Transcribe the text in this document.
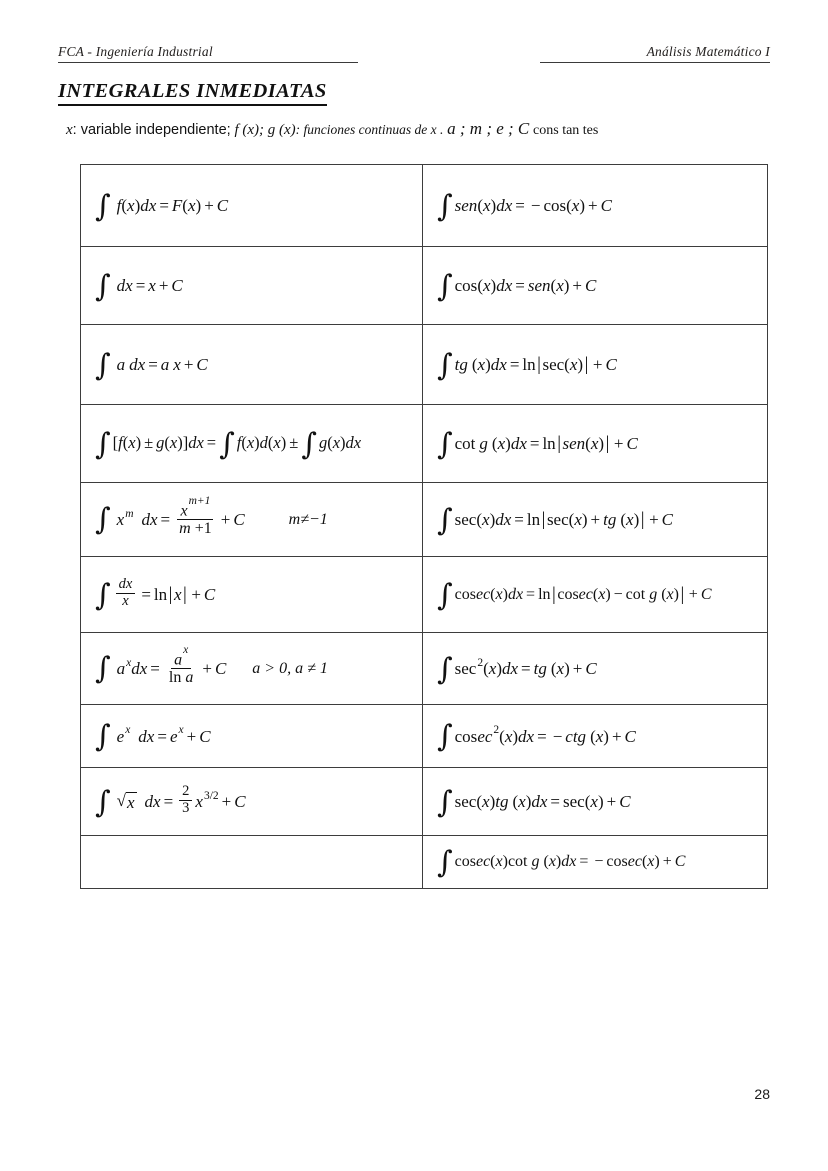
FCA - Ingeniería Industrial	Análisis Matemático I
INTEGRALES INMEDIATAS
x: variable independiente; f (x); g (x): funciones continuas de x . a ; m ; e ; C cons tan tes
∫ f ( x ) dx = F ( x ) + C
∫ dx = x + C
∫ a dx = a x + C
∫ [ f ( x ) ± g ( x )] dx = ∫ f ( x ) d ( x ) ± ∫ g ( x ) dx
∫ x m dx = $\frac{x^{m+1}}{m +1} + C$	m≠−1
∫ $\frac{dx}{x} = \ln$ | x | + C
∫ a x dx = $\frac{a^x}{\text{ln a}} + C$ a > 0, a ≠ 1
∫ e x dx = e x + C
∫ √ x dx = $\frac{2}{3}$ x 3/2 + C
∫ sen ( x ) dx = − cos ( x ) + C
∫ cos ( x ) dx = sen ( x ) + C
∫ tg ( x ) dx = ln | sec ( x ) | + C
∫ cot g ( x ) dx = ln | sen ( x ) | + C
∫ sec ( x ) dx = ln | sec ( x ) + tg ( x ) | + C
∫ cos ec ( x ) dx = ln | cos ec ( x ) − cot g ( x ) | + C
∫ sec 2 ( x ) dx = tg ( x ) + C
∫ cos ec 2 ( x ) dx = − ctg ( x ) + C
∫ sec ( x ) tg ( x ) dx = sec ( x ) + C
∫ cos ec ( x ) cot g ( x ) dx = − cos ec ( x ) + C
28
